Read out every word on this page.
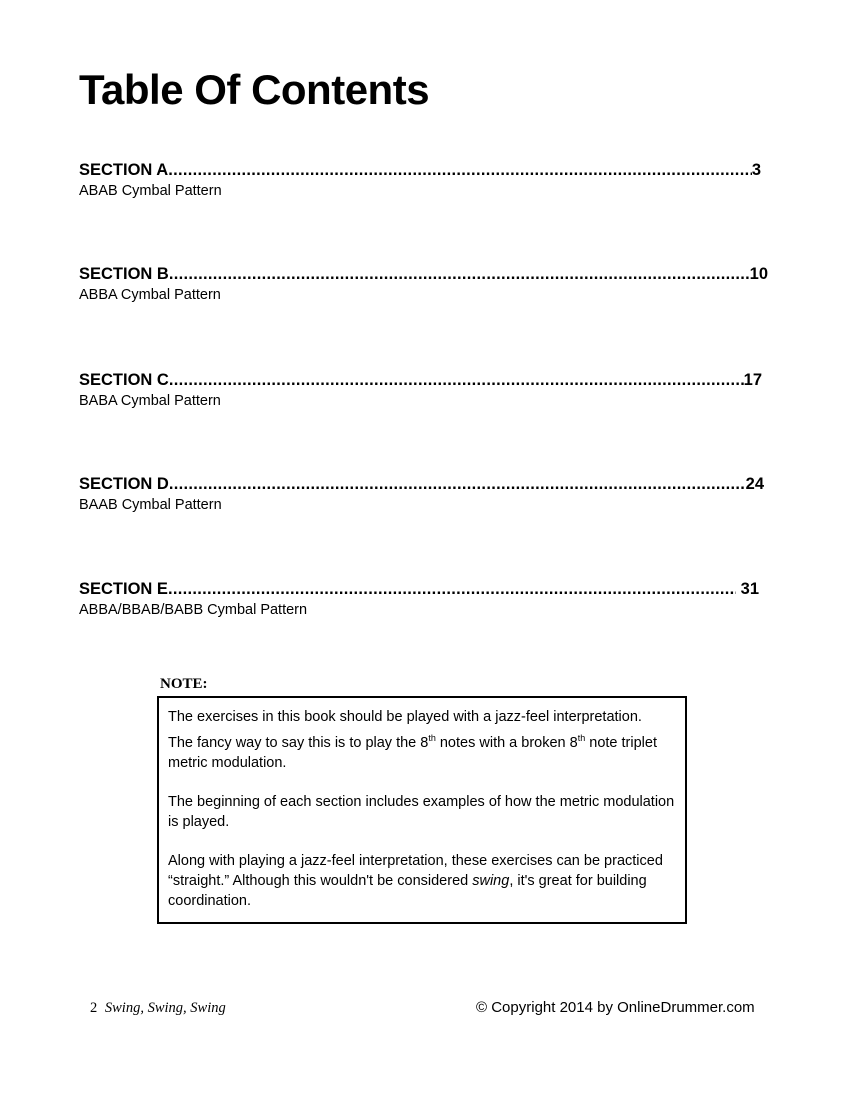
Table Of Contents
SECTION A .....	3
ABAB Cymbal Pattern
SECTION B .....	10
ABBA Cymbal Pattern
SECTION C .....	17
BABA Cymbal Pattern
SECTION D .....	24
BAAB Cymbal Pattern
SECTION E .....	31
ABBA/BBAB/BABB Cymbal Pattern
NOTE:

The exercises in this book should be played with a jazz-feel interpretation.

The fancy way to say this is to play the 8th notes with a broken 8th note triplet metric modulation.

The beginning of each section includes examples of how the metric modulation is played.

Along with playing a jazz-feel interpretation, these exercises can be practiced “straight.” Although this wouldn't be considered swing, it's great for building coordination.

2 Swing, Swing, Swing	© Copyright 2014 by OnlineDrummer.com
